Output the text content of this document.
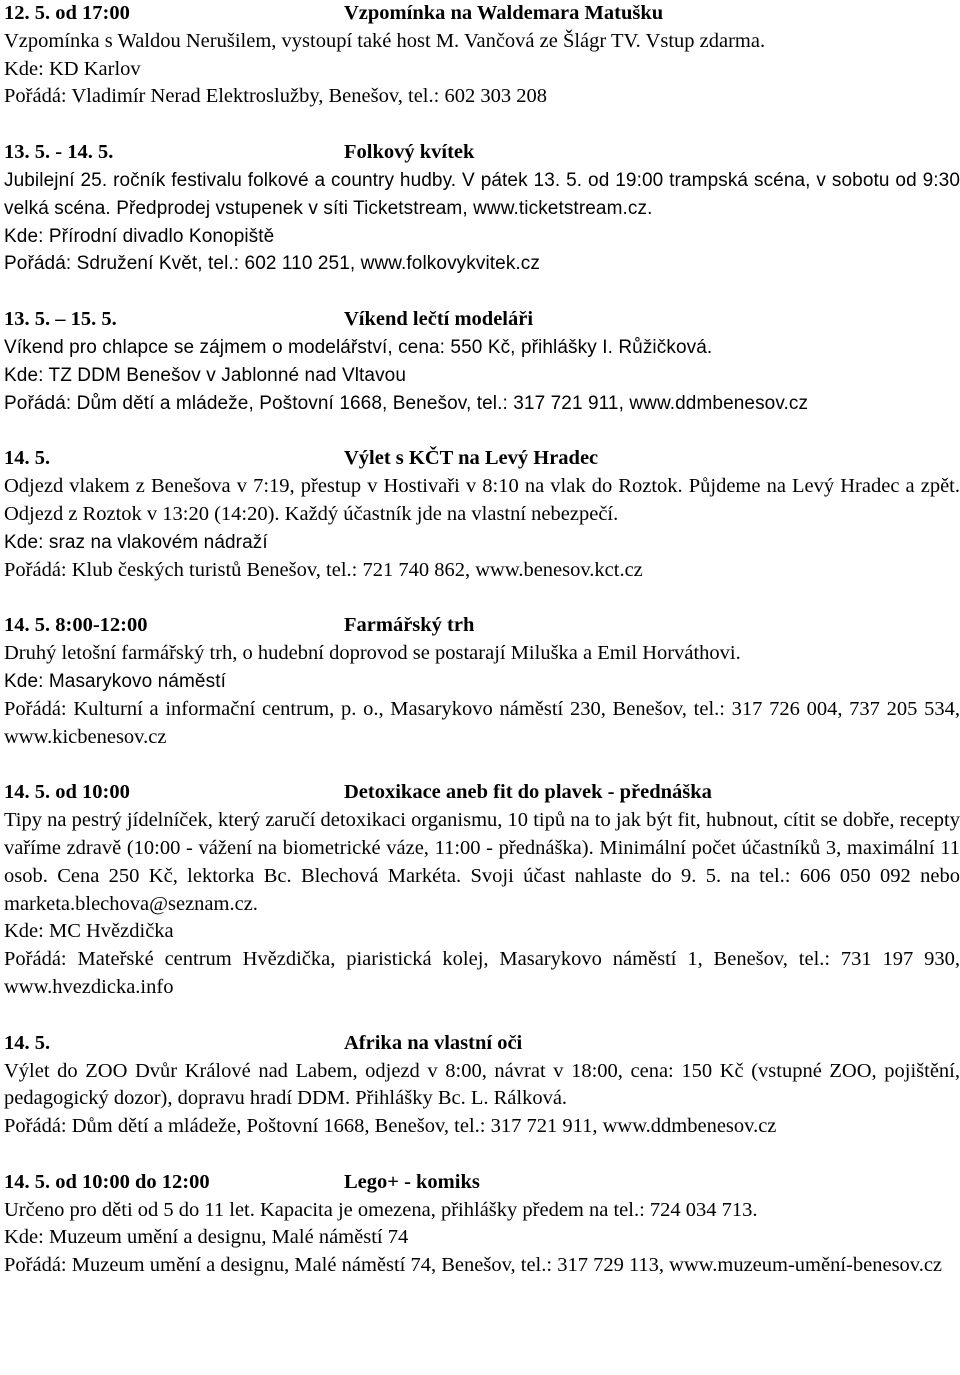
12. 5. od 17:00	Vzpomínka na Waldemara Matušku

Vzpomínka s Waldou Nerušilem, vystoupí také host M. Vančová ze Šlágr TV. Vstup zdarma.

Kde: KD Karlov

Pořádá: Vladimír Nerad Elektroslužby, Benešov, tel.: 602 303 208

13. 5. - 14. 5.	Folkový kvítek

Jubilejní 25. ročník festivalu folkové a country hudby. V pátek 13. 5. od 19:00 trampská scéna, v sobotu od 9:30 velká scéna. Předprodej vstupenek v síti Ticketstream, www.ticketstream.cz.

Kde: Přírodní divadlo Konopiště

Pořádá: Sdružení Květ, tel.: 602 110 251, www.folkovykvitek.cz

13. 5. – 15. 5.	Víkend lečtí modeláři

Víkend pro chlapce se zájmem o modelářství, cena: 550 Kč, přihlášky I. Růžičková.

Kde: TZ DDM Benešov v Jablonné nad Vltavou

Pořádá: Dům dětí a mládeže, Poštovní 1668, Benešov, tel.: 317 721 911, www.ddmbenesov.cz

14. 5.	Výlet s KČT na Levý Hradec

Odjezd vlakem z Benešova v 7:19, přestup v Hostivaři v 8:10 na vlak do Roztok. Půjdeme na Levý Hradec a zpět. Odjezd z Roztok v 13:20 (14:20). Každý účastník jde na vlastní nebezpečí.

Kde: sraz na vlakovém nádraží

Pořádá: Klub českých turistů Benešov, tel.: 721 740 862, www.benesov.kct.cz

14. 5. 8:00-12:00	Farmářský trh

Druhý letošní farmářský trh, o hudební doprovod se postarají Miluška a Emil Horváthovi.

Kde: Masarykovo náměstí

Pořádá: Kulturní a informační centrum, p. o., Masarykovo náměstí 230, Benešov, tel.: 317 726 004, 737 205 534, www.kicbenesov.cz

14. 5. od 10:00	Detoxikace aneb fit do plavek - přednáška

Tipy na pestrý jídelníček, který zaručí detoxikaci organismu, 10 tipů na to jak být fit, hubnout, cítit se dobře, recepty vaříme zdravě (10:00 - vážení na biometrické váze, 11:00 - přednáška). Minimální počet účastníků 3, maximální 11 osob. Cena 250 Kč, lektorka Bc. Blechová Markéta. Svoji účast nahlaste do 9. 5. na tel.: 606 050 092 nebo marketa.blechova@seznam.cz.

Kde: MC Hvězdička

Pořádá: Mateřské centrum Hvězdička, piaristická kolej, Masarykovo náměstí 1, Benešov, tel.: 731 197 930, www.hvezdicka.info

14. 5.	Afrika na vlastní oči

Výlet do ZOO Dvůr Králové nad Labem, odjezd v 8:00, návrat v 18:00, cena: 150 Kč (vstupné ZOO, pojištění, pedagogický dozor), dopravu hradí DDM. Přihlášky Bc. L. Rálková.

Pořádá: Dům dětí a mládeže, Poštovní 1668, Benešov, tel.: 317 721 911, www.ddmbenesov.cz

14. 5. od 10:00 do 12:00	Lego+ - komiks

Určeno pro děti od 5 do 11 let. Kapacita je omezena, přihlášky předem na tel.: 724 034 713.

Kde: Muzeum umění a designu, Malé náměstí 74

Pořádá: Muzeum umění a designu, Malé náměstí 74, Benešov, tel.: 317 729 113, www.muzeum-umění-benesov.cz
